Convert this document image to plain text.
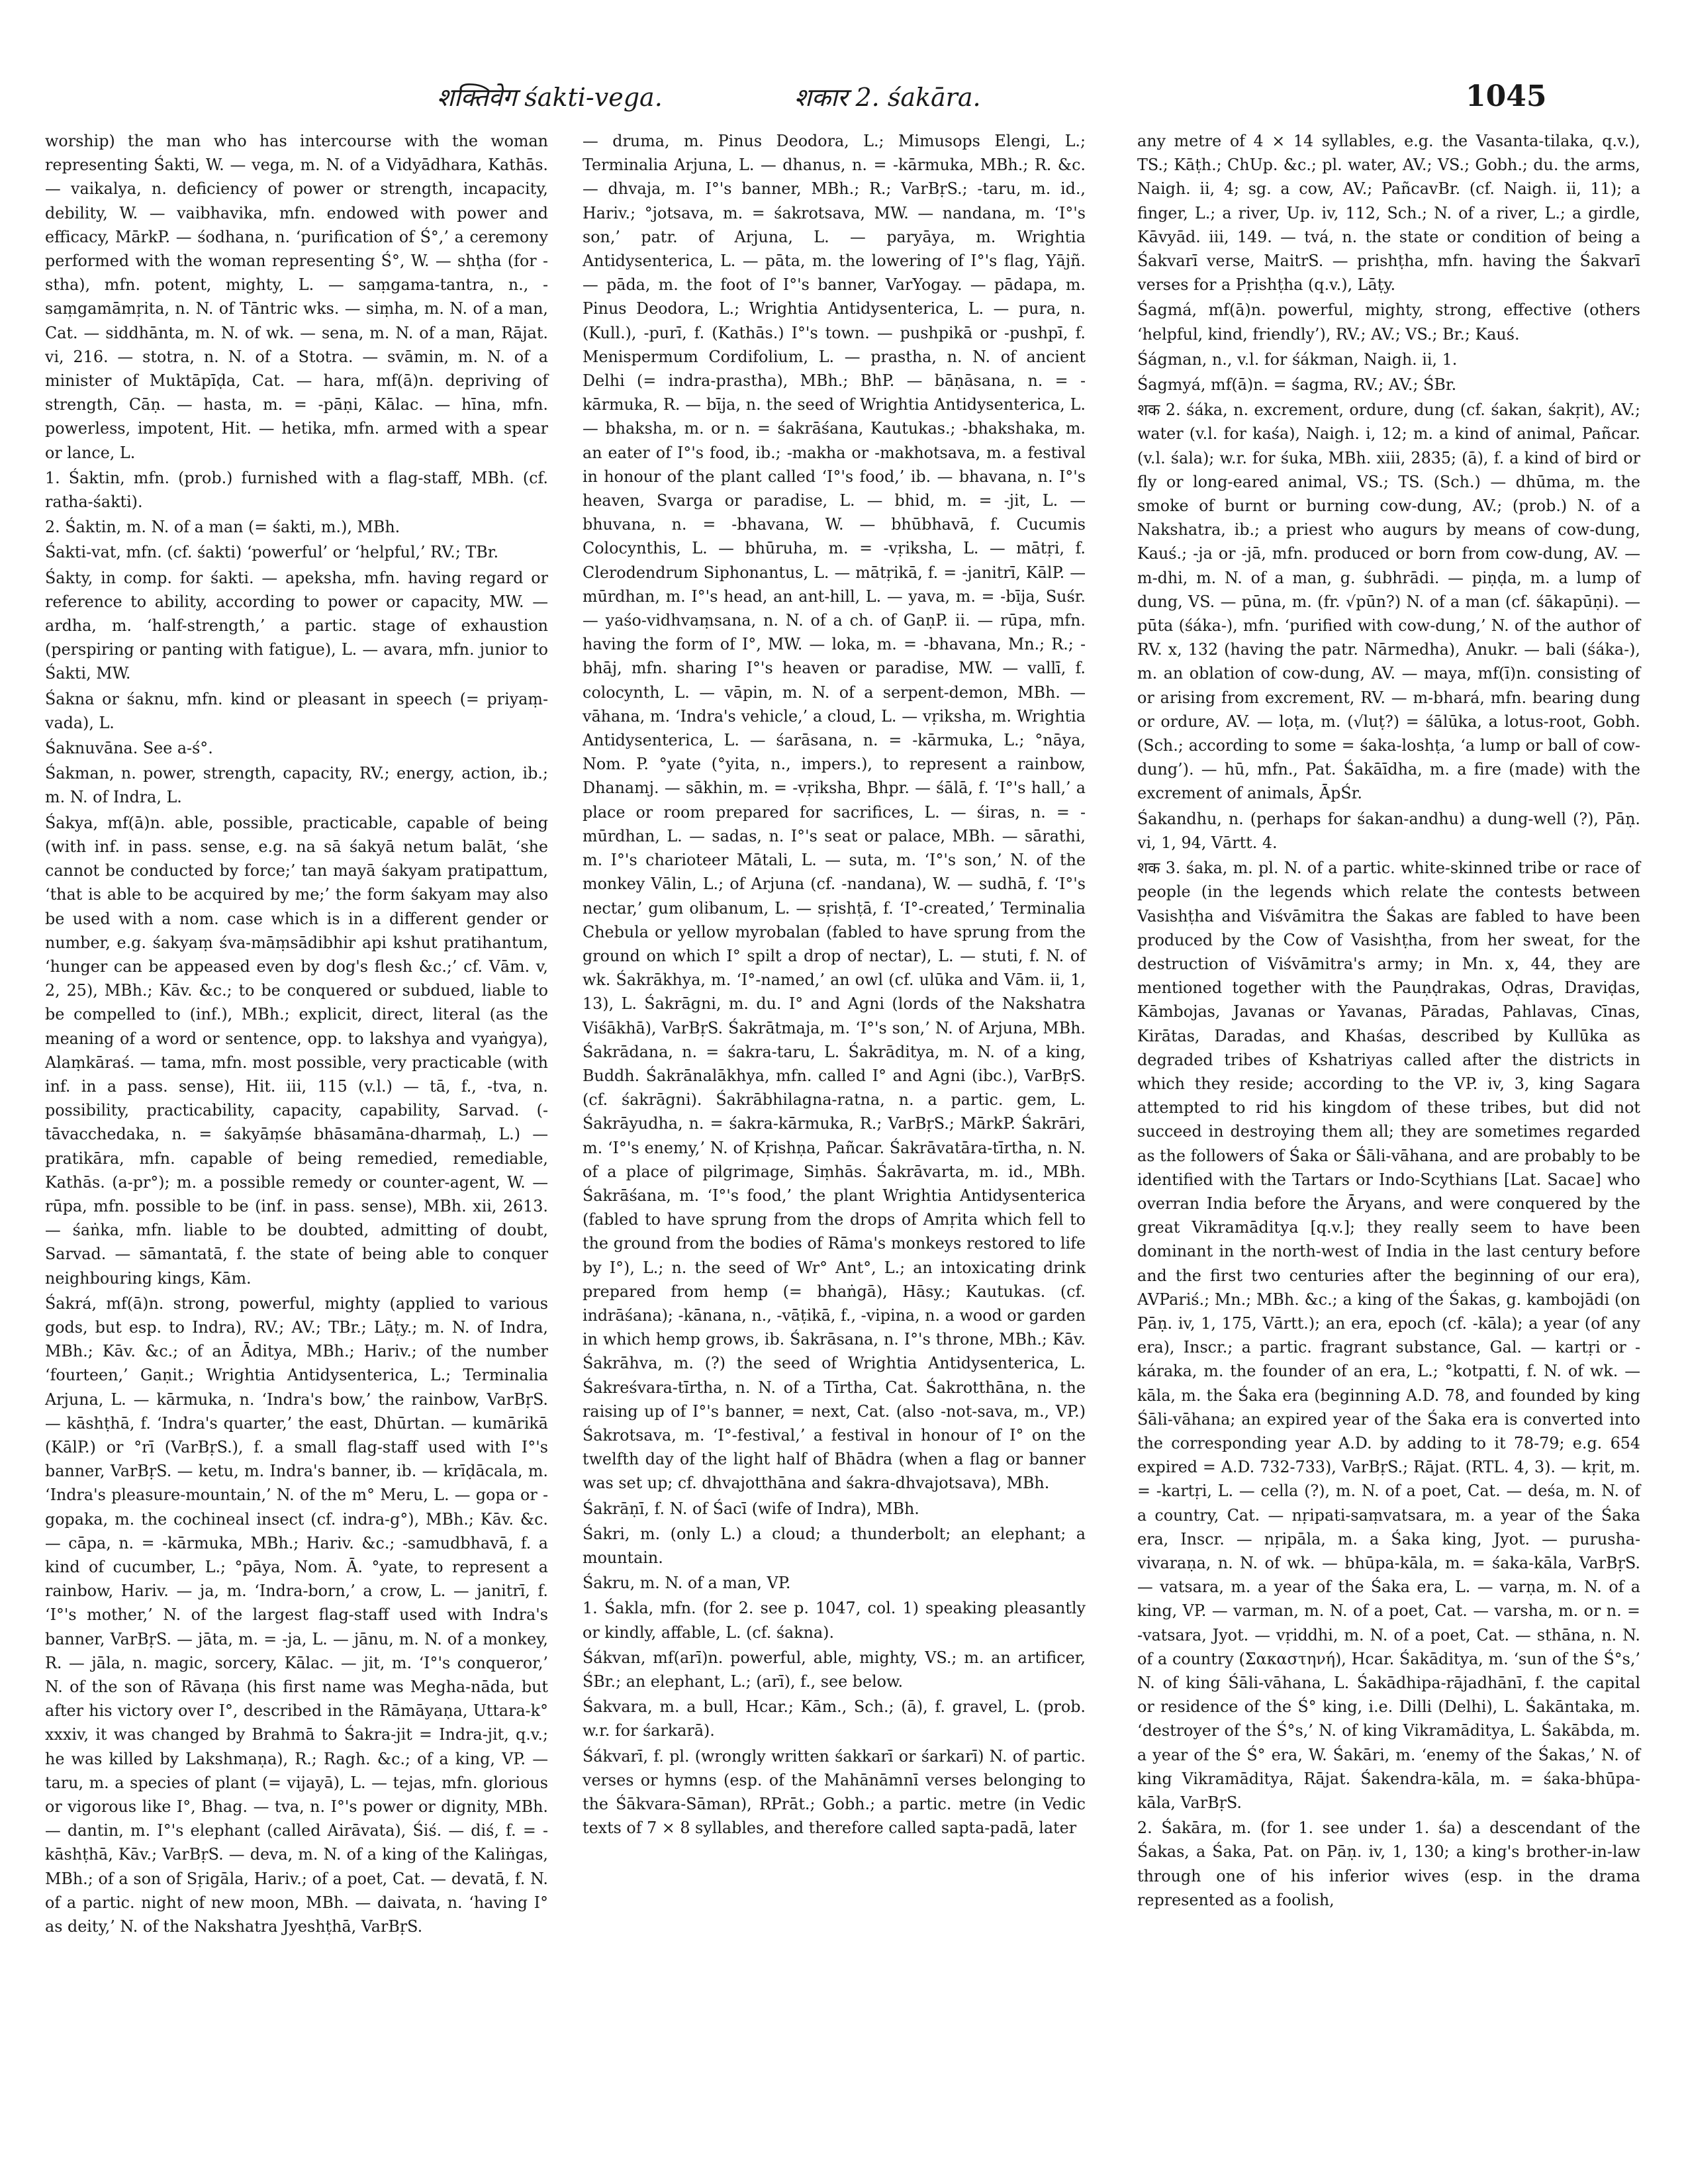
शक्तिवेग śakti-vega.	शकार 2. śakāra.	1045

worship) the man who has intercourse with the woman representing Śakti, W. — vega, m. N. of a Vidyādhara, Kathās. — vaikalya, n. deficiency of power or strength, incapacity, debility, W. — vaibhavika, mfn. endowed with power and efficacy, MārkP. — śodhana, n. ‘purification of Ś°,’ a ceremony performed with the woman representing Ś°, W. — shṭha (for -stha), mfn. potent, mighty, L. — saṃgama-tantra, n., -saṃgamāmṛita, n. N. of Tāntric wks. — siṃha, m. N. of a man, Cat. — siddhānta, m. N. of wk. — sena, m. N. of a man, Rājat. vi, 216. — stotra, n. N. of a Stotra. — svāmin, m. N. of a minister of Muktāpīḍa, Cat. — hara, mf(ā)n. depriving of strength, Cāṇ. — hasta, m. = -pāṇi, Kālac. — hīna, mfn. powerless, impotent, Hit. — hetika, mfn. armed with a spear or lance, L.

1. Śaktin, mfn. (prob.) furnished with a flag-staff, MBh. (cf. ratha-śakti).

2. Śaktin, m. N. of a man (= śakti, m.), MBh.

Śakti-vat, mfn. (cf. śakti) ‘powerful’ or ‘helpful,’ RV.; TBr.

Śakty, in comp. for śakti. — apeksha, mfn. having regard or reference to ability, according to power or capacity, MW. — ardha, m. ‘half-strength,’ a partic. stage of exhaustion (perspiring or panting with fatigue), L. — avara, mfn. junior to Śakti, MW.

Śakna or śaknu, mfn. kind or pleasant in speech (= priyaṃ-vada), L.

Śaknuvāna. See a-ś°.

Śakman, n. power, strength, capacity, RV.; energy, action, ib.; m. N. of Indra, L.

Śakya, mf(ā)n. able, possible, practicable, capable of being (with inf. in pass. sense, e.g. na sā śakyā netum balāt, ‘she cannot be conducted by force;’ tan mayā śakyam pratipattum, ‘that is able to be acquired by me;’ the form śakyam may also be used with a nom. case which is in a different gender or number, e.g. śakyaṃ śva-māṃsādibhir api kshut pratihantum, ‘hunger can be appeased even by dog's flesh &c.;’ cf. Vām. v, 2, 25), MBh.; Kāv. &c.; to be conquered or subdued, liable to be compelled to (inf.), MBh.; explicit, direct, literal (as the meaning of a word or sentence, opp. to lakshya and vyaṅgya), Alaṃkāraś. — tama, mfn. most possible, very practicable (with inf. in a pass. sense), Hit. iii, 115 (v.l.) — tā, f., -tva, n. possibility, practicability, capacity, capability, Sarvad. (-tāvacchedaka, n. = śakyāṃśe bhāsamāna-dharmaḥ, L.) — pratikāra, mfn. capable of being remedied, remediable, Kathās. (a-pr°); m. a possible remedy or counter-agent, W. — rūpa, mfn. possible to be (inf. in pass. sense), MBh. xii, 2613. — śaṅka, mfn. liable to be doubted, admitting of doubt, Sarvad. — sāmantatā, f. the state of being able to conquer neighbouring kings, Kām.

Śakrá, mf(ā)n. strong, powerful, mighty (applied to various gods, but esp. to Indra), RV.; AV.; TBr.; Lāṭy.; m. N. of Indra, MBh.; Kāv. &c.; of an Āditya, MBh.; Hariv.; of the number ‘fourteen,’ Gaṇit.; Wrightia Antidysenterica, L.; Terminalia Arjuna, L. — kārmuka, n. ‘Indra's bow,’ the rainbow, VarBṛS. — kāshṭhā, f. ‘Indra's quarter,’ the east, Dhūrtan. — kumārikā (KālP.) or °rī (VarBṛS.), f. a small flag-staff used with I°'s banner, VarBṛS. — ketu, m. Indra's banner, ib. — krīḍācala, m. ‘Indra's pleasure-mountain,’ N. of the m° Meru, L. — gopa or -gopaka, m. the cochineal insect (cf. indra-g°), MBh.; Kāv. &c. — cāpa, n. = -kārmuka, MBh.; Hariv. &c.; -samudbhavā, f. a kind of cucumber, L.; °pāya, Nom. Ā. °yate, to represent a rainbow, Hariv. — ja, m. ‘Indra-born,’ a crow, L. — janitrī, f. ‘I°'s mother,’ N. of the largest flag-staff used with Indra's banner, VarBṛS. — jāta, m. = -ja, L. — jānu, m. N. of a monkey, R. — jāla, n. magic, sorcery, Kālac. — jit, m. ‘I°'s conqueror,’ N. of the son of Rāvaṇa (his first name was Megha-nāda, but after his victory over I°, described in the Rāmāyaṇa, Uttara-k° xxxiv, it was changed by Brahmā to Śakra-jit = Indra-jit, q.v.; he was killed by Lakshmaṇa), R.; Ragh. &c.; of a king, VP. — taru, m. a species of plant (= vijayā), L. — tejas, mfn. glorious or vigorous like I°, Bhag. — tva, n. I°'s power or dignity, MBh. — dantin, m. I°'s elephant (called Airāvata), Śiś. — diś, f. = -kāshṭhā, Kāv.; VarBṛS. — deva, m. N. of a king of the Kaliṅgas, MBh.; of a son of Sṛigāla, Hariv.; of a poet, Cat. — devatā, f. N. of a partic. night of new moon, MBh. — daivata, n. ‘having I° as deity,’ N. of the Nakshatra Jyeshṭhā, VarBṛS.

— druma, m. Pinus Deodora, L.; Mimusops Elengi, L.; Terminalia Arjuna, L. — dhanus, n. = -kārmuka, MBh.; R. &c. — dhvaja, m. I°'s banner, MBh.; R.; VarBṛS.; -taru, m. id., Hariv.; °jotsava, m. = śakrotsava, MW. — nandana, m. ‘I°'s son,’ patr. of Arjuna, L. — paryāya, m. Wrightia Antidysenterica, L. — pāta, m. the lowering of I°'s flag, Yājñ. — pāda, m. the foot of I°'s banner, VarYogay. — pādapa, m. Pinus Deodora, L.; Wrightia Antidysenterica, L. — pura, n. (Kull.), -purī, f. (Kathās.) I°'s town. — pushpikā or -pushpī, f. Menispermum Cordifolium, L. — prastha, n. N. of ancient Delhi (= indra-prastha), MBh.; BhP. — bāṇāsana, n. = -kārmuka, R. — bīja, n. the seed of Wrightia Antidysenterica, L. — bhaksha, m. or n. = śakrāśana, Kautukas.; -bhakshaka, m. an eater of I°'s food, ib.; -makha or -makhotsava, m. a festival in honour of the plant called ‘I°'s food,’ ib. — bhavana, n. I°'s heaven, Svarga or paradise, L. — bhid, m. = -jit, L. — bhuvana, n. = -bhavana, W. — bhūbhavā, f. Cucumis Colocynthis, L. — bhūruha, m. = -vṛiksha, L. — mātṛi, f. Clerodendrum Siphonantus, L. — mātṛikā, f. = -janitrī, KālP. — mūrdhan, m. I°'s head, an ant-hill, L. — yava, m. = -bīja, Suśr. — yaśo-vidhvaṃsana, n. N. of a ch. of GaṇP. ii. — rūpa, mfn. having the form of I°, MW. — loka, m. = -bhavana, Mn.; R.; -bhāj, mfn. sharing I°'s heaven or paradise, MW. — vallī, f. colocynth, L. — vāpin, m. N. of a serpent-demon, MBh. — vāhana, m. ‘Indra's vehicle,’ a cloud, L. — vṛiksha, m. Wrightia Antidysenterica, L. — śarāsana, n. = -kārmuka, L.; °nāya, Nom. P. °yate (°yita, n., impers.), to represent a rainbow, Dhanamj. — sākhin, m. = -vṛiksha, Bhpr. — śālā, f. ‘I°'s hall,’ a place or room prepared for sacrifices, L. — śiras, n. = -mūrdhan, L. — sadas, n. I°'s seat or palace, MBh. — sārathi, m. I°'s charioteer Mātali, L. — suta, m. ‘I°'s son,’ N. of the monkey Vālin, L.; of Arjuna (cf. -nandana), W. — sudhā, f. ‘I°'s nectar,’ gum olibanum, L. — sṛishṭā, f. ‘I°-created,’ Terminalia Chebula or yellow myrobalan (fabled to have sprung from the ground on which I° spilt a drop of nectar), L. — stuti, f. N. of wk. Śakrākhya, m. ‘I°-named,’ an owl (cf. ulūka and Vām. ii, 1, 13), L. Śakrāgni, m. du. I° and Agni (lords of the Nakshatra Viśākhā), VarBṛS. Śakrātmaja, m. ‘I°'s son,’ N. of Arjuna, MBh. Śakrādana, n. = śakra-taru, L. Śakrāditya, m. N. of a king, Buddh. Śakrānalākhya, mfn. called I° and Agni (ibc.), VarBṛS. (cf. śakrāgni). Śakrābhilagna-ratna, n. a partic. gem, L. Śakrāyudha, n. = śakra-kārmuka, R.; VarBṛS.; MārkP. Śakrāri, m. ‘I°'s enemy,’ N. of Kṛishṇa, Pañcar. Śakrāvatāra-tīrtha, n. N. of a place of pilgrimage, Siṃhās. Śakrāvarta, m. id., MBh. Śakrāśana, m. ‘I°'s food,’ the plant Wrightia Antidysenterica (fabled to have sprung from the drops of Amṛita which fell to the ground from the bodies of Rāma's monkeys restored to life by I°), L.; n. the seed of Wr° Ant°, L.; an intoxicating drink prepared from hemp (= bhaṅgā), Hāsy.; Kautukas. (cf. indrāśana); -kānana, n., -vāṭikā, f., -vipina, n. a wood or garden in which hemp grows, ib. Śakrāsana, n. I°'s throne, MBh.; Kāv. Śakrāhva, m. (?) the seed of Wrightia Antidysenterica, L. Śakreśvara-tīrtha, n. N. of a Tīrtha, Cat. Śakrotthāna, n. the raising up of I°'s banner, = next, Cat. (also -not-sava, m., VP.) Śakrotsava, m. ‘I°-festival,’ a festival in honour of I° on the twelfth day of the light half of Bhādra (when a flag or banner was set up; cf. dhvajotthāna and śakra-dhvajotsava), MBh.

Śakrāṇī, f. N. of Śacī (wife of Indra), MBh.

Śakri, m. (only L.) a cloud; a thunderbolt; an elephant; a mountain.

Śakru, m. N. of a man, VP.

1. Śakla, mfn. (for 2. see p. 1047, col. 1) speaking pleasantly or kindly, affable, L. (cf. śakna).

Śákvan, mf(arī)n. powerful, able, mighty, VS.; m. an artificer, ŚBr.; an elephant, L.; (arī), f., see below.

Śakvara, m. a bull, Hcar.; Kām., Sch.; (ā), f. gravel, L. (prob. w.r. for śarkarā).

Śákvarī, f. pl. (wrongly written śakkarī or śarkarī) N. of partic. verses or hymns (esp. of the Mahānāmnī verses belonging to the Śākvara-Sāman), RPrāt.; Gobh.; a partic. metre (in Vedic texts of 7 × 8 syllables, and therefore called sapta-padā, later

any metre of 4 × 14 syllables, e.g. the Vasanta-tilaka, q.v.), TS.; Kāṭh.; ChUp. &c.; pl. water, AV.; VS.; Gobh.; du. the arms, Naigh. ii, 4; sg. a cow, AV.; PañcavBr. (cf. Naigh. ii, 11); a finger, L.; a river, Up. iv, 112, Sch.; N. of a river, L.; a girdle, Kāvyād. iii, 149. — tvá, n. the state or condition of being a Śakvarī verse, MaitrS. — prishṭha, mfn. having the Śakvarī verses for a Pṛishṭha (q.v.), Lāṭy.

Śagmá, mf(ā)n. powerful, mighty, strong, effective (others ‘helpful, kind, friendly’), RV.; AV.; VS.; Br.; Kauś.

Śágman, n., v.l. for śákman, Naigh. ii, 1.

Śagmyá, mf(ā)n. = śagma, RV.; AV.; ŚBr.

शक 2. śáka, n. excrement, ordure, dung (cf. śakan, śakṛit), AV.; water (v.l. for kaśa), Naigh. i, 12; m. a kind of animal, Pañcar. (v.l. śala); w.r. for śuka, MBh. xiii, 2835; (ā), f. a kind of bird or fly or long-eared animal, VS.; TS. (Sch.) — dhūma, m. the smoke of burnt or burning cow-dung, AV.; (prob.) N. of a Nakshatra, ib.; a priest who augurs by means of cow-dung, Kauś.; -ja or -jā, mfn. produced or born from cow-dung, AV. — m-dhi, m. N. of a man, g. śubhrādi. — piṇḍa, m. a lump of dung, VS. — pūna, m. (fr. √pūn?) N. of a man (cf. śākapūṇi). — pūta (śáka-), mfn. ‘purified with cow-dung,’ N. of the author of RV. x, 132 (having the patr. Nārmedha), Anukr. — bali (śáka-), m. an oblation of cow-dung, AV. — maya, mf(ī)n. consisting of or arising from excrement, RV. — m-bhará, mfn. bearing dung or ordure, AV. — loṭa, m. (√luṭ?) = śālūka, a lotus-root, Gobh. (Sch.; according to some = śaka-loshṭa, ‘a lump or ball of cow-dung’). — hū, mfn., Pat. Śakāīdha, m. a fire (made) with the excrement of animals, ĀpŚr.

Śakandhu, n. (perhaps for śakan-andhu) a dung-well (?), Pāṇ. vi, 1, 94, Vārtt. 4.

शक 3. śaka, m. pl. N. of a partic. white-skinned tribe or race of people (in the legends which relate the contests between Vasishṭha and Viśvāmitra the Śakas are fabled to have been produced by the Cow of Vasishṭha, from her sweat, for the destruction of Viśvāmitra's army; in Mn. x, 44, they are mentioned together with the Pauṇḍrakas, Oḍras, Draviḍas, Kāmbojas, Javanas or Yavanas, Pāradas, Pahlavas, Cīnas, Kirātas, Daradas, and Khaśas, described by Kullūka as degraded tribes of Kshatriyas called after the districts in which they reside; according to the VP. iv, 3, king Sagara attempted to rid his kingdom of these tribes, but did not succeed in destroying them all; they are sometimes regarded as the followers of Śaka or Śāli-vāhana, and are probably to be identified with the Tartars or Indo-Scythians [Lat. Sacae] who overran India before the Āryans, and were conquered by the great Vikramāditya [q.v.]; they really seem to have been dominant in the north-west of India in the last century before and the first two centuries after the beginning of our era), AVPariś.; Mn.; MBh. &c.; a king of the Śakas, g. kambojādi (on Pāṇ. iv, 1, 175, Vārtt.); an era, epoch (cf. -kāla); a year (of any era), Inscr.; a partic. fragrant substance, Gal. — kartṛi or -káraka, m. the founder of an era, L.; °kotpatti, f. N. of wk. — kāla, m. the Śaka era (beginning A.D. 78, and founded by king Śāli-vāhana; an expired year of the Śaka era is converted into the corresponding year A.D. by adding to it 78-79; e.g. 654 expired = A.D. 732-733), VarBṛS.; Rājat. (RTL. 4, 3). — kṛit, m. = -kartṛi, L. — cella (?), m. N. of a poet, Cat. — deśa, m. N. of a country, Cat. — nṛipati-saṃvatsara, m. a year of the Śaka era, Inscr. — nṛipāla, m. a Śaka king, Jyot. — purusha-vivaraṇa, n. N. of wk. — bhūpa-kāla, m. = śaka-kāla, VarBṛS. — vatsara, m. a year of the Śaka era, L. — varṇa, m. N. of a king, VP. — varman, m. N. of a poet, Cat. — varsha, m. or n. = -vatsara, Jyot. — vṛiddhi, m. N. of a poet, Cat. — sthāna, n. N. of a country (Σακαστηνή), Hcar. Śakāditya, m. ‘sun of the Ś°s,’ N. of king Śāli-vāhana, L. Śakādhipa-rājadhānī, f. the capital or residence of the Ś° king, i.e. Dilli (Delhi), L. Śakāntaka, m. ‘destroyer of the Ś°s,’ N. of king Vikramāditya, L. Śakābda, m. a year of the Ś° era, W. Śakāri, m. ‘enemy of the Śakas,’ N. of king Vikramāditya, Rājat. Śakendra-kāla, m. = śaka-bhūpa-kāla, VarBṛS.

2. Śakāra, m. (for 1. see under 1. śa) a descendant of the Śakas, a Śaka, Pat. on Pāṇ. iv, 1, 130; a king's brother-in-law through one of his inferior wives (esp. in the drama represented as a foolish,
